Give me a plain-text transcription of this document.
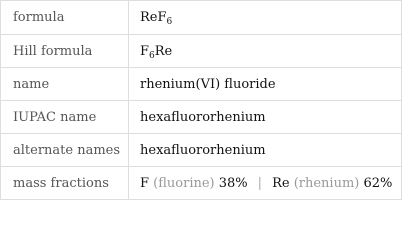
formula	ReF$_6$
Hill formula	$F_6Re$
name	rhenium(VI) fluoride
IUPAC name	hexafluororhenium
alternate names	hexafluororhenium
mass fractions	F (fluorine) 38% | Re (rhenium) 62%
